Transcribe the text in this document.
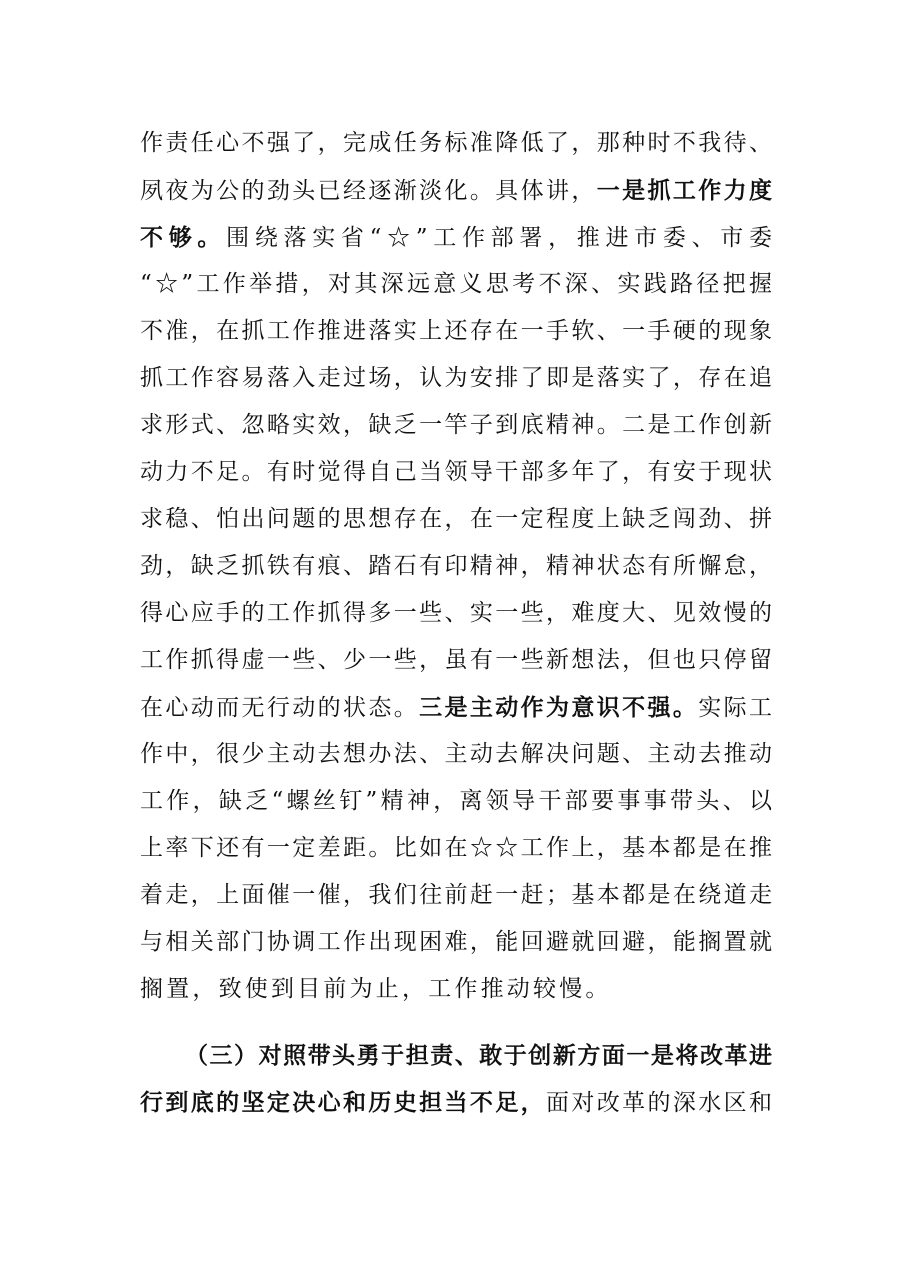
作责任心不强了，完成任务标准降低了，那种时不我待、
夙夜为公的劲头已经逐渐淡化。具体讲，一是抓工作力度
不够。围绕落实省“☆”工作部署，推进市委、市委
“☆”工作举措，对其深远意义思考不深、实践路径把握
不准，在抓工作推进落实上还存在一手软、一手硬的现象
抓工作容易落入走过场，认为安排了即是落实了，存在追
求形式、忽略实效，缺乏一竿子到底精神。二是工作创新
动力不足。有时觉得自己当领导干部多年了，有安于现状
求稳、怕出问题的思想存在，在一定程度上缺乏闯劲、拼
劲，缺乏抓铁有痕、踏石有印精神，精神状态有所懈怠，
得心应手的工作抓得多一些、实一些，难度大、见效慢的
工作抓得虚一些、少一些，虽有一些新想法，但也只停留
在心动而无行动的状态。三是主动作为意识不强。实际工
作中，很少主动去想办法、主动去解决问题、主动去推动
工作，缺乏“螺丝钉”精神，离领导干部要事事带头、以
上率下还有一定差距。比如在☆☆工作上，基本都是在推
着走，上面催一催，我们往前赶一赶；基本都是在绕道走
与相关部门协调工作出现困难，能回避就回避，能搁置就
搁置，致使到目前为止，工作推动较慢。
（三）对照带头勇于担责、敢于创新方面一是将改革进
行到底的坚定决心和历史担当不足，面对改革的深水区和
